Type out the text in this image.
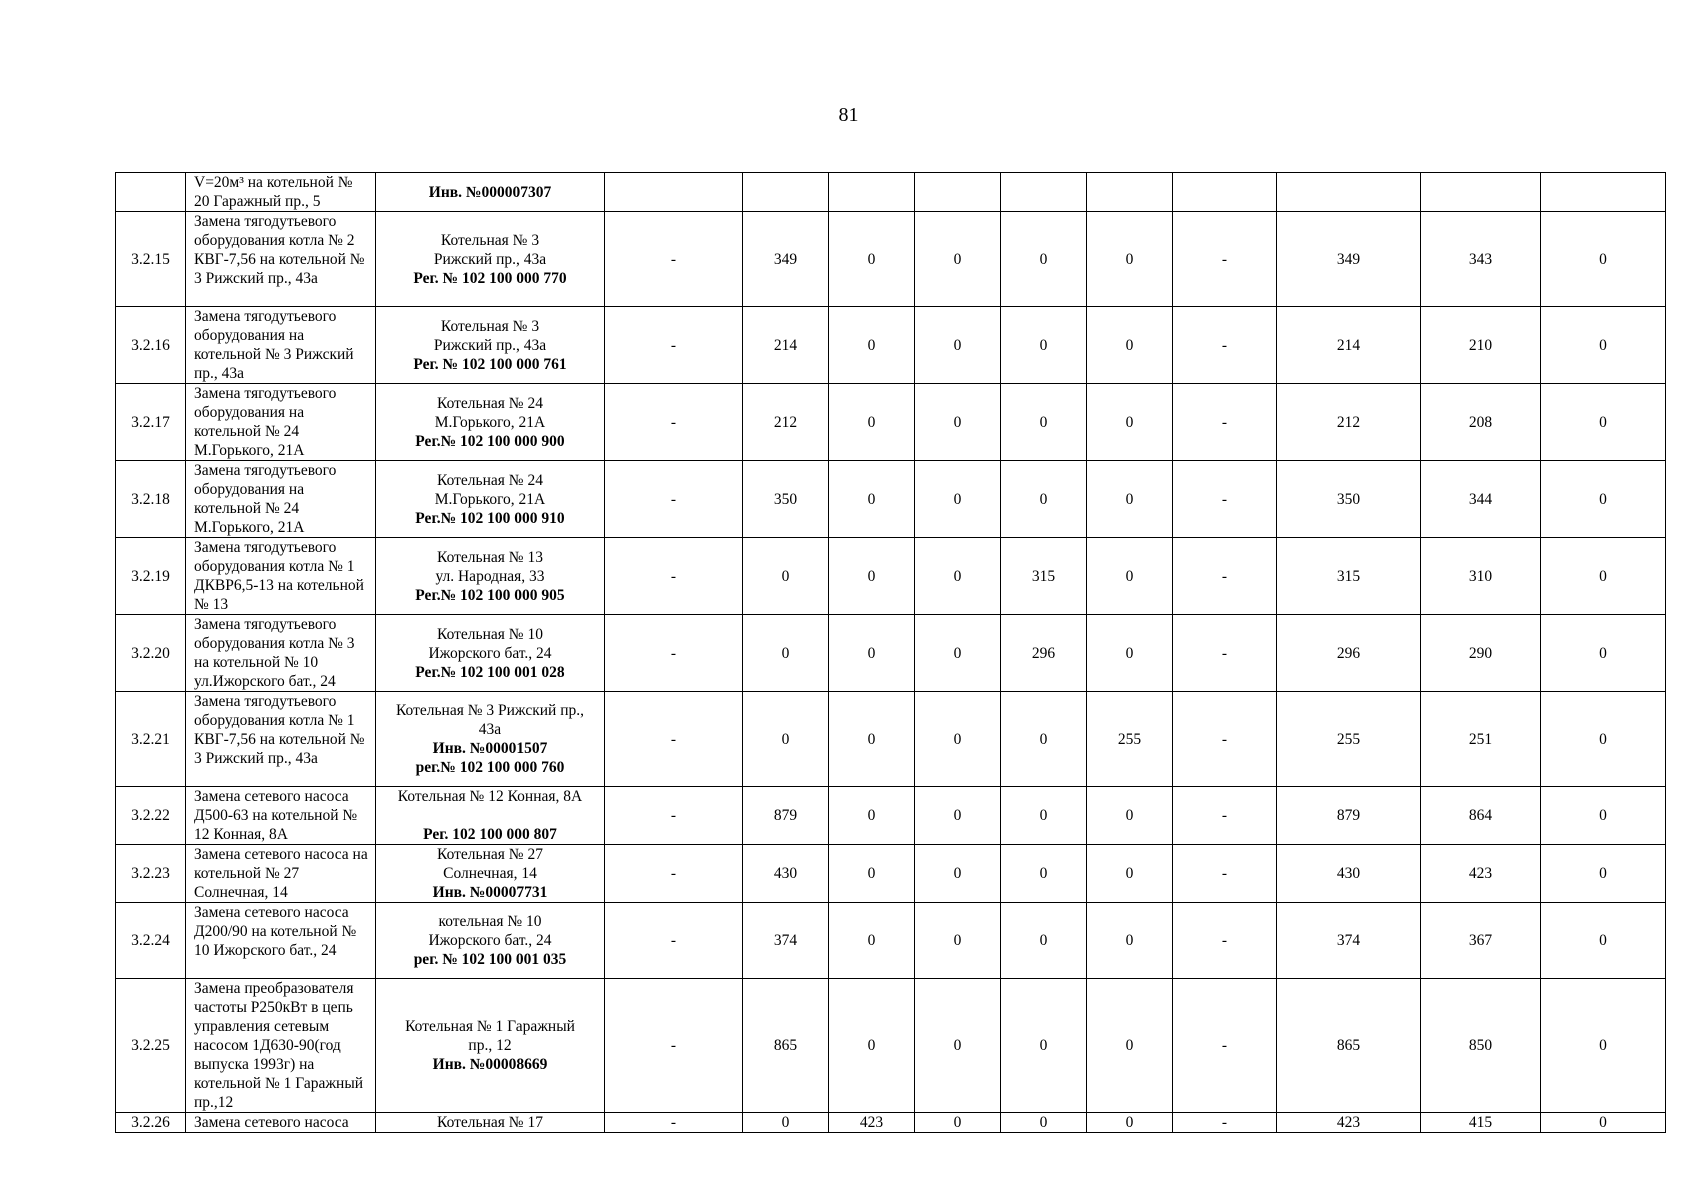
81
	V=20м³ на котельной № 20 Гаражный пр., 5	Инв. №000007307										

3.2.15	Замена тягодутьевого оборудования котла № 2 КВГ-7,56 на котельной № 3 Рижский пр., 43а	Котельная № 3
Рижский пр., 43а
Рег. № 102 100 000 770	-	349	0	0	0	0	-	349	343	0
3.2.16	Замена тягодутьевого оборудования на котельной № 3 Рижский пр., 43а	Котельная № 3
Рижский пр., 43а
Рег. № 102 100 000 761	-	214	0	0	0	0	-	214	210	0
3.2.17	Замена тягодутьевого оборудования на котельной № 24 М.Горького, 21А	Котельная № 24
М.Горького, 21А
Рег.№ 102 100 000 900	-	212	0	0	0	0	-	212	208	0
3.2.18	Замена тягодутьевого оборудования на котельной № 24 М.Горького, 21А	Котельная № 24
М.Горького, 21А
Рег.№ 102 100 000 910	-	350	0	0	0	0	-	350	344	0
3.2.19	Замена тягодутьевого оборудования котла № 1 ДКВР6,5-13 на котельной № 13	Котельная № 13
ул. Народная, 33
Рег.№ 102 100 000 905	-	0	0	0	315	0	-	315	310	0
3.2.20	Замена тягодутьевого оборудования котла № 3 на котельной № 10 ул.Ижорского бат., 24	Котельная № 10
Ижорского бат., 24
Рег.№ 102 100 001 028	-	0	0	0	296	0	-	296	290	0
3.2.21	Замена тягодутьевого оборудования котла № 1 КВГ-7,56 на котельной № 3 Рижский пр., 43а	Котельная № 3 Рижский пр.,
43а
Инв. №00001507
рег.№ 102 100 000 760	-	0	0	0	0	255	-	255	251	0
3.2.22	Замена сетевого насоса Д500-63 на котельной № 12 Конная, 8А	Котельная № 12 Конная, 8А

Рег. 102 100 000 807	-	879	0	0	0	0	-	879	864	0
3.2.23	Замена сетевого насоса на котельной № 27 Солнечная, 14	Котельная № 27
Солнечная, 14
Инв. №00007731	-	430	0	0	0	0	-	430	423	0
3.2.24	Замена сетевого насоса Д200/90 на котельной № 10 Ижорского бат., 24	котельная № 10
Ижорского бат., 24
рег. № 102 100 001 035	-	374	0	0	0	0	-	374	367	0
3.2.25	Замена преобразователя частоты Р250кВт в цепь управления сетевым насосом 1Д630-90(год выпуска 1993г) на котельной № 1 Гаражный пр.,12	Котельная № 1 Гаражный
пр., 12
Инв. №00008669	-	865	0	0	0	0	-	865	850	0
3.2.26	Замена сетевого насоса	Котельная № 17	-	0	423	0	0	0	-	423	415	0
